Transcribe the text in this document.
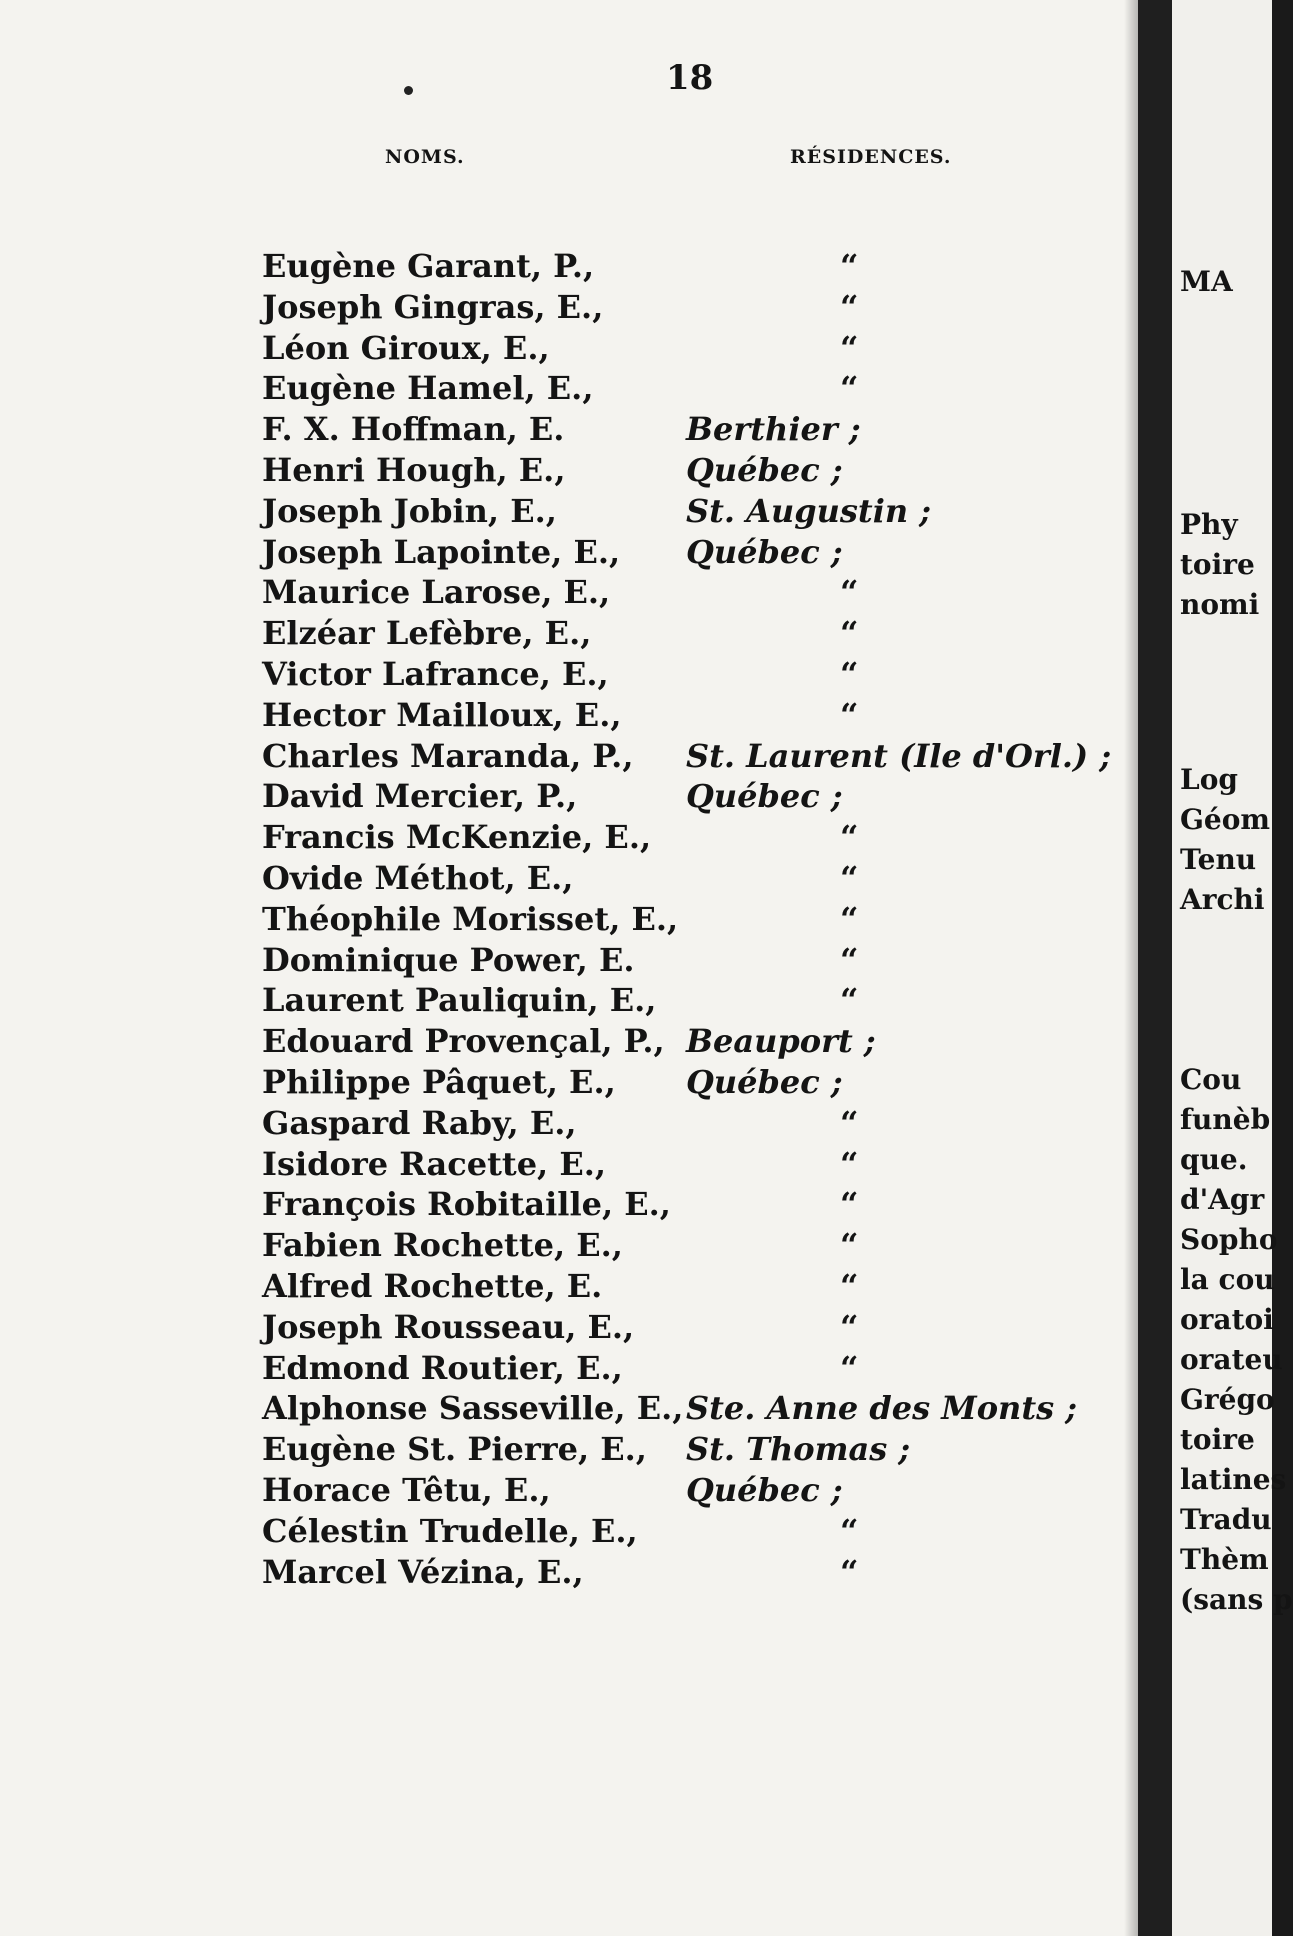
18
NOMS.	RÉSIDENCES.
Eugène Garant, P.,	“
Joseph Gingras, E.,	“
Léon Giroux, E.,	“
Eugène Hamel, E.,	“
F. X. Hoffman, E.	Berthier ;
Henri Hough, E.,	Québec ;
Joseph Jobin, E.,	St. Augustin ;
Joseph Lapointe, E., Québec ;
Maurice Larose, E.,	“
Elzéar Lefèbre, E.,	“
Victor Lafrance, E.,	“
Hector Mailloux, E.,	“
Charles Maranda, P., St. Laurent (Ile d'Orl.) ;
David Mercier, P.,	Québec ;
Francis McKenzie, E.,	“
Ovide Méthot, E.,	“
Théophile Morisset, E.,	“
Dominique Power, E.	“
Laurent Pauliquin, E.,	“
Edouard Provençal, P., Beauport ;
Philippe Pâquet, E., Québec ;
Gaspard Raby, E.,	“
Isidore Racette, E.,	“
François Robitaille, E.,	“
Fabien Rochette, E.,	“
Alfred Rochette, E.	“
Joseph Rousseau, E.,	“
Edmond Routier, E.,	“
Alphonse Sasseville, E., Ste. Anne des Monts ;
Eugène St. Pierre, E., St. Thomas ;
Horace Têtu, E.,	Québec ;
Célestin Trudelle, E.,	“
Marcel Vézina, E.,	“
MA
Phy
toire
nomi
Log
Géom
Tenu
Archi
Cou
funèb
que.
d'Agr
Sopho
la cou
oratoi
orateu
Grégo
toire
latines
Tradu
Thèm
(sans p
